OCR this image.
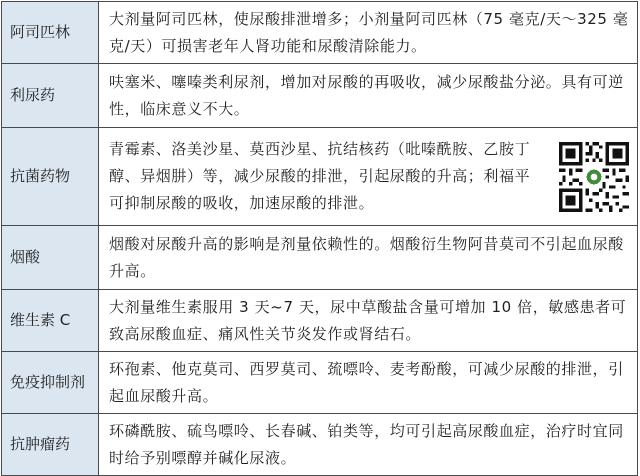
阿司匹林	大剂量阿司匹林，使尿酸排泄增多；小剂量阿司匹林（75 毫克/天～325 毫克/天）可损害老年人肾功能和尿酸清除能力。

利尿药	呋塞米、噻嗪类利尿剂，增加对尿酸的再吸收，减少尿酸盐分泌。具有可逆性，临床意义不大。

抗菌药物	青霉素、洛美沙星、莫西沙星、抗结核药（吡嗪酰胺、乙胺丁醇、异烟肼）等，减少尿酸的排泄，引起尿酸的升高；利福平可抑制尿酸的吸收，加速尿酸的排泄。

烟酸	烟酸对尿酸升高的影响是剂量依赖性的。烟酸衍生物阿昔莫司不引起血尿酸升高。

维生素 C	大剂量维生素服用 3 天~7 天，尿中草酸盐含量可增加 10 倍，敏感患者可致高尿酸血症、痛风性关节炎发作或肾结石。

免疫抑制剂	环孢素、他克莫司、西罗莫司、巯嘌呤、麦考酚酸，可减少尿酸的排泄，引起血尿酸升高。

抗肿瘤药	环磷酰胺、硫鸟嘌呤、长春碱、铂类等，均可引起高尿酸血症，治疗时宜同时给予别嘌醇并碱化尿液。
